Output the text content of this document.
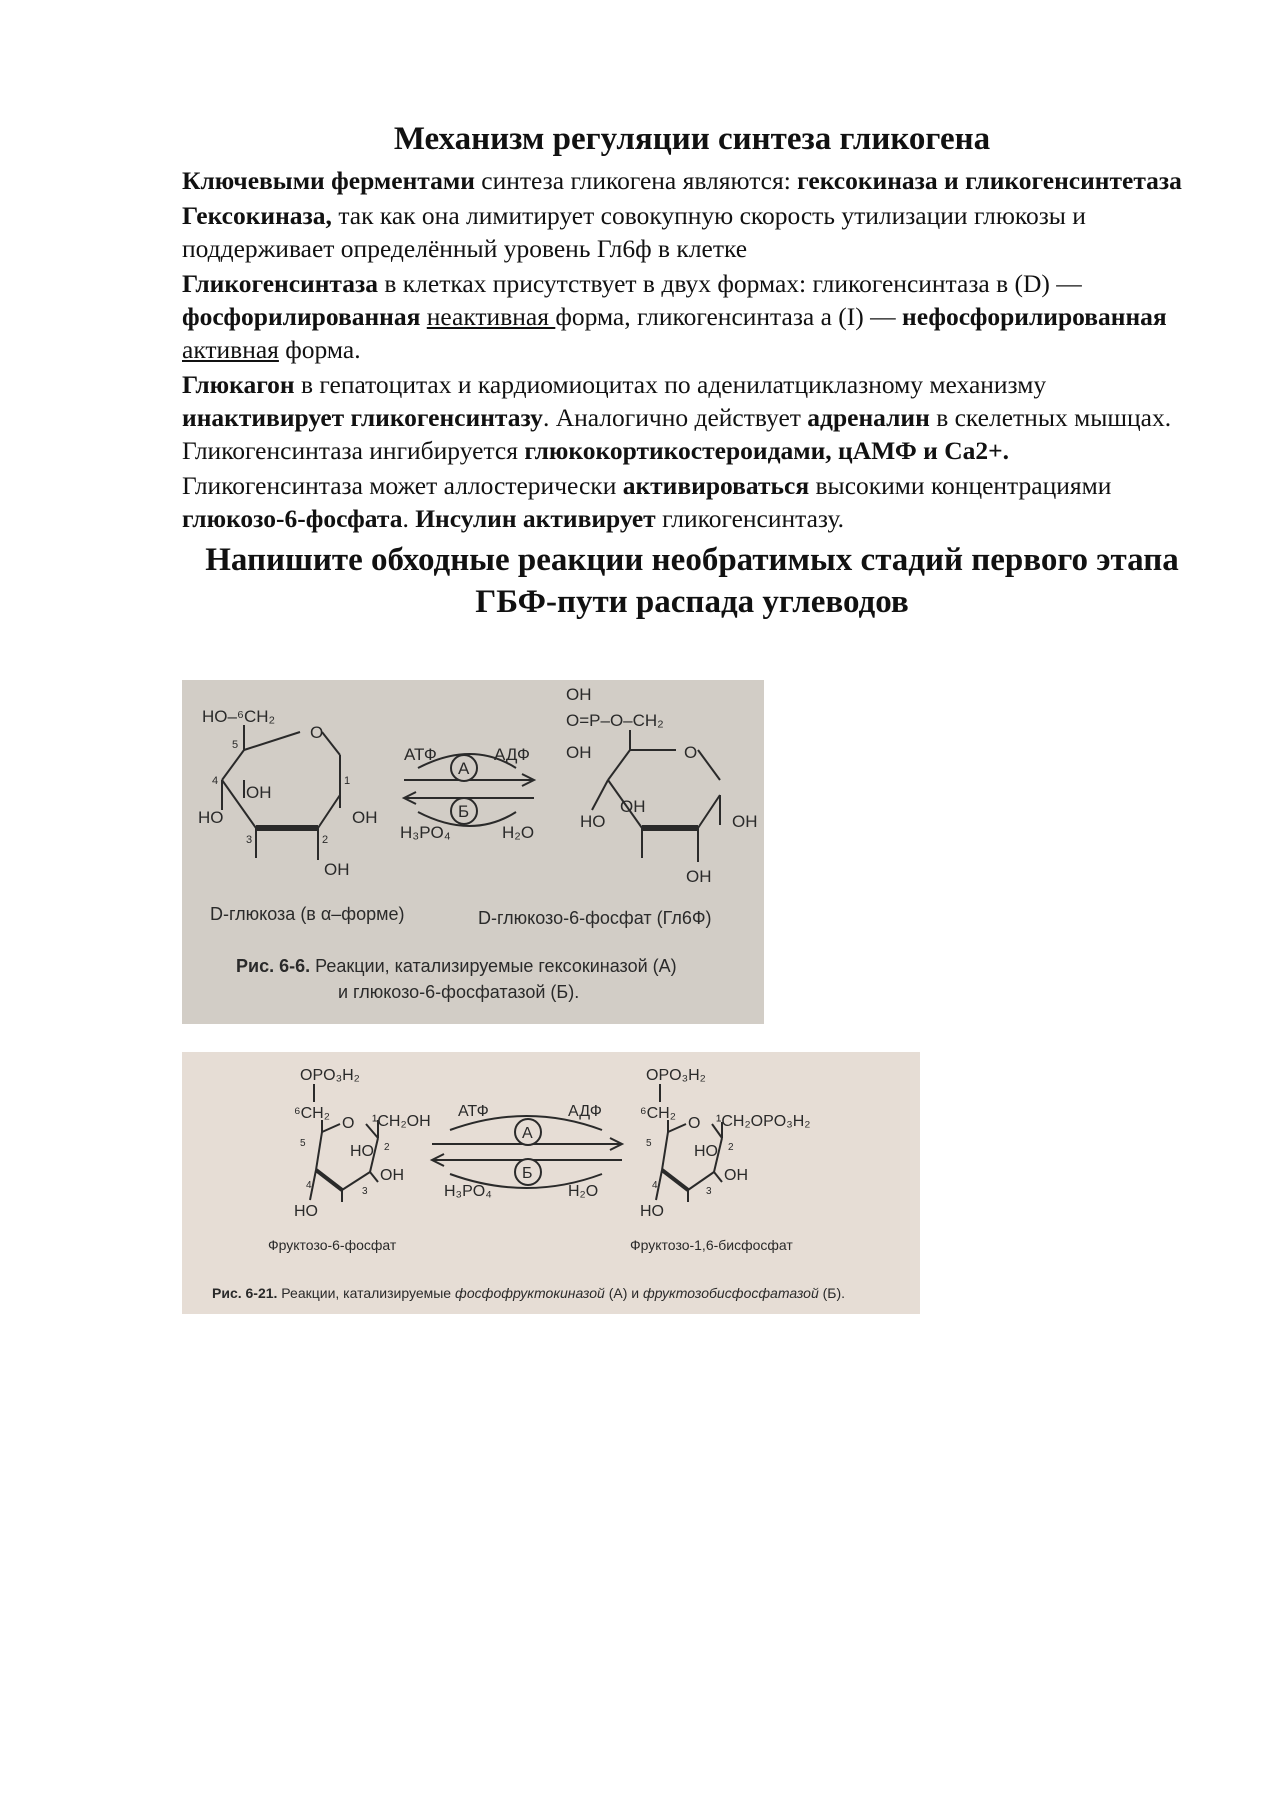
Механизм регуляции синтеза гликогена

Ключевыми ферментами синтеза гликогена являются: гексокиназа и гликогенсинтетаза

Гексокиназа, так как она лимитирует совокупную скорость утилизации глюкозы и поддерживает определённый уровень Гл6ф в клетке

Гликогенсинтаза в клетках присутствует в двух формах: гликогенсинтаза в (D) — фосфорилированная неактивная форма, гликогенсинтаза а (I) — нефосфорилированная активная форма.

Глюкагон в гепатоцитах и кардиомиоцитах по аденилатциклазному механизму инактивирует гликогенсинтазу. Аналогично действует адреналин в скелетных мышцах. Гликогенсинтаза ингибируется глюкокортикостероидами, цАМФ и Са2+.

Гликогенсинтаза может аллостерически активироваться высокими концентрациями глюкозо-6-фосфата. Инсулин активирует гликогенсинтазу.

Напишите обходные реакции необратимых стадий первого этапа ГБФ-пути распада углеводов
HO–⁶CH₂
O
OH
HO	OH
OH
5
4
3	2
1
АТФ	АДФ
А
Б
H₃PO₄	H₂O
OH
O=P–O–CH₂
OH	O
OH
HO	OH
OH
D-глюкоза (в α–форме)	D-глюкозо-6-фосфат (Гл6Ф)
Рис. 6-6. Реакции, катализируемые гексокиназой (А)
и глюкозо-6-фосфатазой (Б).
OPO₃H₂
⁶CH₂
O ¹CH₂OH
HO
OH
HO
5
4
3
2
АТФ	АДФ
А
Б
H₃PO₄	H₂O
OPO₃H₂
⁶CH₂
O ¹CH₂OPO₃H₂
HO
OH
HO
5
4
3
2
Фруктозо-6-фосфат	Фруктозо-1,6-бисфосфат
Рис. 6-21. Реакции, катализируемые фосфофруктокиназой (А) и фруктозобисфосфатазой (Б).
